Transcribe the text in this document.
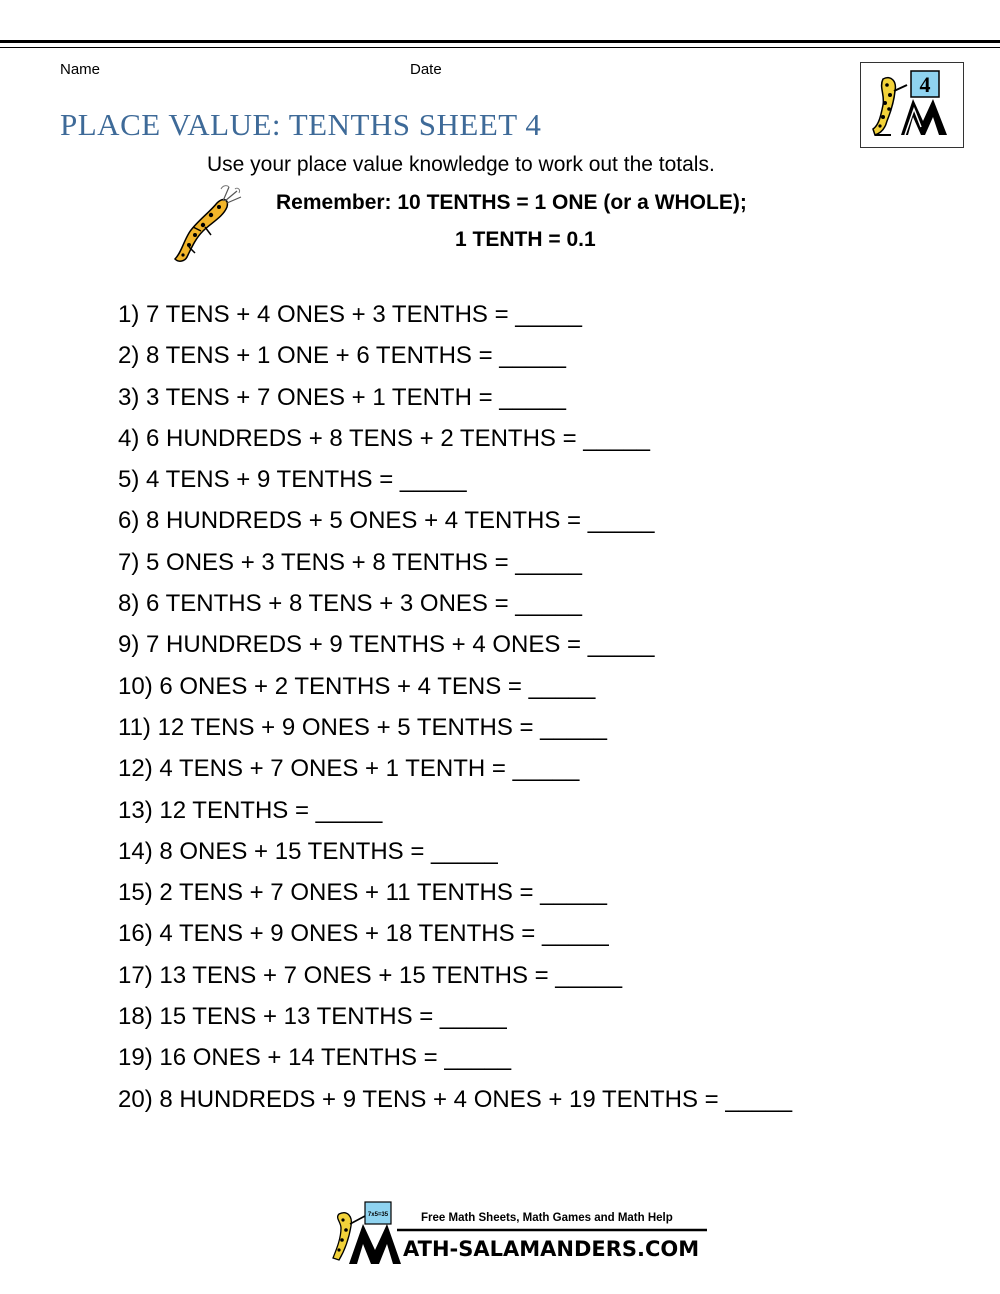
Name	Date
PLACE VALUE: TENTHS SHEET 4
4
Use your place value knowledge to work out the totals.
Remember: 10 TENTHS = 1 ONE (or a WHOLE);
1 TENTH = 0.1
1) 7 TENS + 4 ONES + 3 TENTHS = _____
2) 8 TENS + 1 ONE + 6 TENTHS = _____
3) 3 TENS + 7 ONES + 1 TENTH = _____
4) 6 HUNDREDS + 8 TENS + 2 TENTHS = _____
5) 4 TENS + 9 TENTHS = _____
6) 8 HUNDREDS + 5 ONES + 4 TENTHS = _____
7) 5 ONES + 3 TENS + 8 TENTHS = _____
8) 6 TENTHS + 8 TENS + 3 ONES = _____
9) 7 HUNDREDS + 9 TENTHS + 4 ONES = _____
10) 6 ONES + 2 TENTHS + 4 TENS = _____
11) 12 TENS + 9 ONES + 5 TENTHS = _____
12) 4 TENS + 7 ONES + 1 TENTH = _____
13) 12 TENTHS = _____
14) 8 ONES + 15 TENTHS = _____
15) 2 TENS + 7 ONES + 11 TENTHS = _____
16) 4 TENS + 9 ONES + 18 TENTHS = _____
17) 13 TENS + 7 ONES + 15 TENTHS = _____
18) 15 TENS + 13 TENTHS = _____
19) 16 ONES + 14 TENTHS = _____
20) 8 HUNDREDS + 9 TENS + 4 ONES + 19 TENTHS = _____
7x5=35	Free Math Sheets, Math Games and Math Help
ATH-SALAMANDERS.COM
